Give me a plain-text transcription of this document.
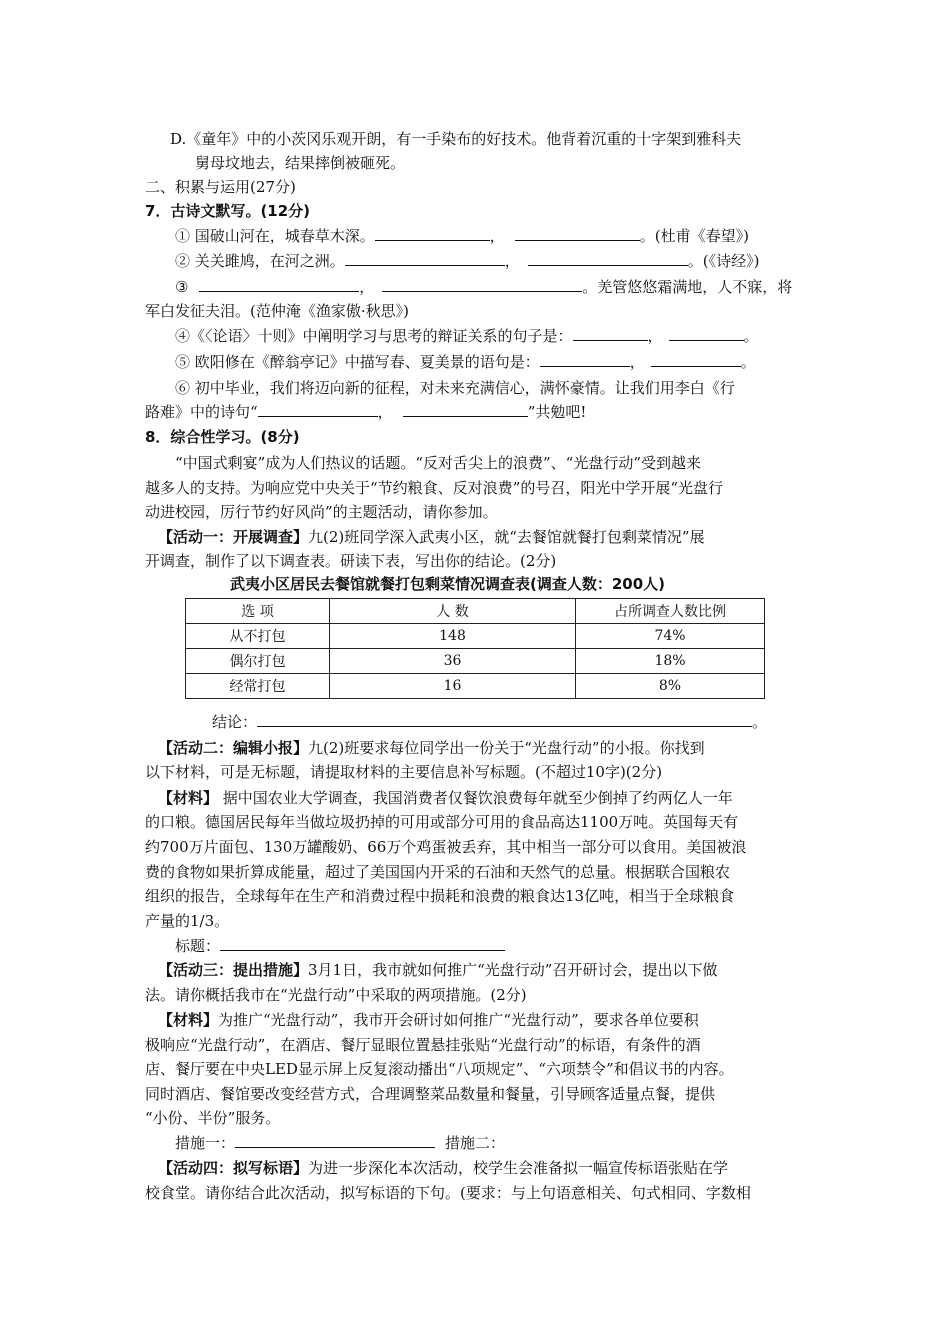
D.《童年》中的小茨冈乐观开朗，有一手染布的好技术。他背着沉重的十字架到雅科夫
舅母坟地去，结果摔倒被砸死。
二、积累与运用(27分)
7．古诗文默写。(12分)
① 国破山河在，城春草木深。	，	。(杜甫《春望》)
② 关关雎鸠，在河之洲。	，	。(《诗经》)
③	，	。羌管悠悠霜满地，人不寐，将
军白发征夫泪。(范仲淹《渔家傲·秋思》)
④《〈论语〉十则》中阐明学习与思考的辩证关系的句子是：	，	。
⑤ 欧阳修在《醉翁亭记》中描写春、夏美景的语句是：	，	。
⑥ 初中毕业，我们将迈向新的征程，对未来充满信心，满怀豪情。让我们用李白《行
路难》中的诗句“	，	”共勉吧!
8．综合性学习。(8分)
“中国式剩宴”成为人们热议的话题。“反对舌尖上的浪费”、“光盘行动”受到越来
越多人的支持。为响应党中央关于“节约粮食、反对浪费”的号召，阳光中学开展“光盘行
动进校园，厉行节约好风尚”的主题活动，请你参加。
【活动一：开展调查】九(2)班同学深入武夷小区，就“去餐馆就餐打包剩菜情况”展
开调查，制作了以下调查表。研读下表，写出你的结论。(2分)
武夷小区居民去餐馆就餐打包剩菜情况调查表(调查人数：200人)
选 项	人 数	占所调查人数比例
从不打包	148	74%
偶尔打包	36	18%
经常打包	16	8%
结论：	。
【活动二：编辑小报】九(2)班要求每位同学出一份关于“光盘行动”的小报。你找到
以下材料，可是无标题，请提取材料的主要信息补写标题。(不超过10字)(2分)
【材料】 据中国农业大学调查，我国消费者仅餐饮浪费每年就至少倒掉了约两亿人一年
的口粮。德国居民每年当做垃圾扔掉的可用或部分可用的食品高达1100万吨。英国每天有
约700万片面包、130万罐酸奶、66万个鸡蛋被丢弃，其中相当一部分可以食用。美国被浪
费的食物如果折算成能量，超过了美国国内开采的石油和天然气的总量。根据联合国粮农
组织的报告，全球每年在生产和消费过程中损耗和浪费的粮食达13亿吨，相当于全球粮食
产量的1/3。
标题：
【活动三：提出措施】3月1日，我市就如何推广“光盘行动”召开研讨会，提出以下做
法。请你概括我市在“光盘行动”中采取的两项措施。(2分)
【材料】为推广“光盘行动”，我市开会研讨如何推广“光盘行动”，要求各单位要积
极响应“光盘行动”，在酒店、餐厅显眼位置悬挂张贴“光盘行动”的标语，有条件的酒
店、餐厅要在中央LED显示屏上反复滚动播出“八项规定”、“六项禁令”和倡议书的内容。
同时酒店、餐馆要改变经营方式，合理调整菜品数量和餐量，引导顾客适量点餐，提供
“小份、半份”服务。
措施一：	措施二：
【活动四：拟写标语】为进一步深化本次活动，校学生会准备拟一幅宣传标语张贴在学
校食堂。请你结合此次活动，拟写标语的下句。(要求：与上句语意相关、句式相同、字数相
